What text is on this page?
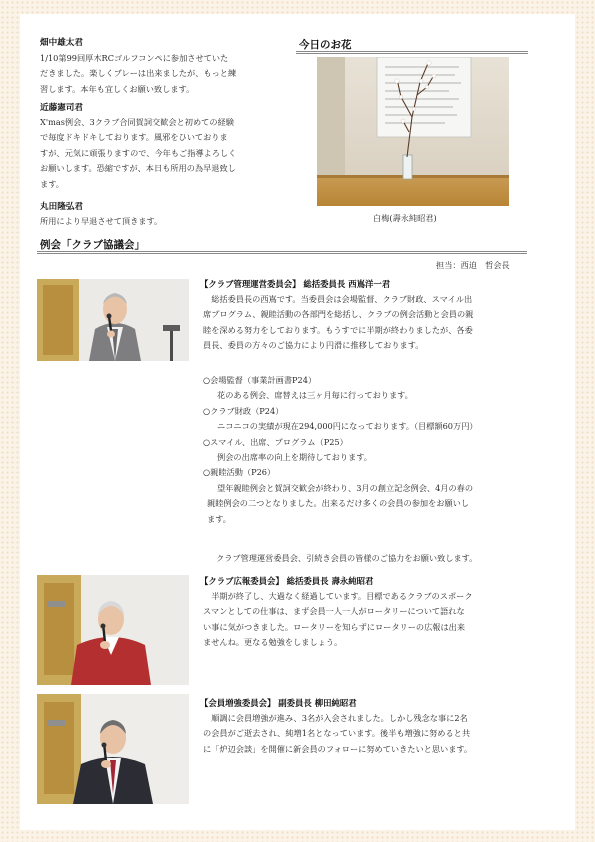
畑中雄太君
1/10第99回厚木RCゴルフコンペに参加させていた
だきました。楽しくプレーは出来ましたが、もっと練
習します。本年も宜しくお願い致します。
近藤憲司君
X'mas例会、3クラブ合同賀詞交歓会と初めての経験
で毎度ドキドキしております。風邪をひいておりま
すが、元気に頑張りますので、今年もご指導よろしく
お願いします。恐縮ですが、本日も所用の為早退致し
ます。
丸田隆弘君
所用により早退させて頂きます。
今日のお花
白梅(壽永純昭君)
例会「クラブ協議会」
担当：西迫　哲会長
【クラブ管理運営委員会】 総括委員長 西嶌洋一君
総括委員長の西嶌です。当委員会は会場監督、クラブ財政、スマイル出
席プログラム、親睦活動の各部門を総括し、クラブの例会活動と会員の親
睦を深める努力をしております。もうすでに半期が終わりましたが、各委
員長、委員の方々のご協力により円滑に推移しております。
○会場監督（事業計画書P24）
花のある例会、席替えは三ヶ月毎に行っております。
○クラブ財政（P24）
ニコニコの実績が現在294,000円になっております。（目標額60万円）
○スマイル、出席、プログラム（P25）
例会の出席率の向上を期待しております。
○親睦活動（P26）
望年親睦例会と賀詞交歓会が終わり、3月の創立記念例会、4月の春の
親睦例会の二つとなりました。出来るだけ多くの会員の参加をお願いし
ます。
クラブ管理運営委員会、引続き会員の皆様のご協力をお願い致します。
【クラブ広報委員会】 総括委員長 壽永純昭君
半期が終了し、大過なく経過しています。目標であるクラブのスポーク
スマンとしての仕事は、まず会員一人一人がロータリーについて語れな
い事に気がつきました。ロータリーを知らずにロータリーの広報は出来
ませんね。更なる勉強をしましょう。
【会員増強委員会】 副委員長 柳田純昭君
順調に会員増強が進み、3名が入会されました。しかし残念な事に2名
の会員がご逝去され、純増1名となっています。後半も増強に努めると共
に「炉辺会談」を開催に新会員のフォローに努めていきたいと思います。
